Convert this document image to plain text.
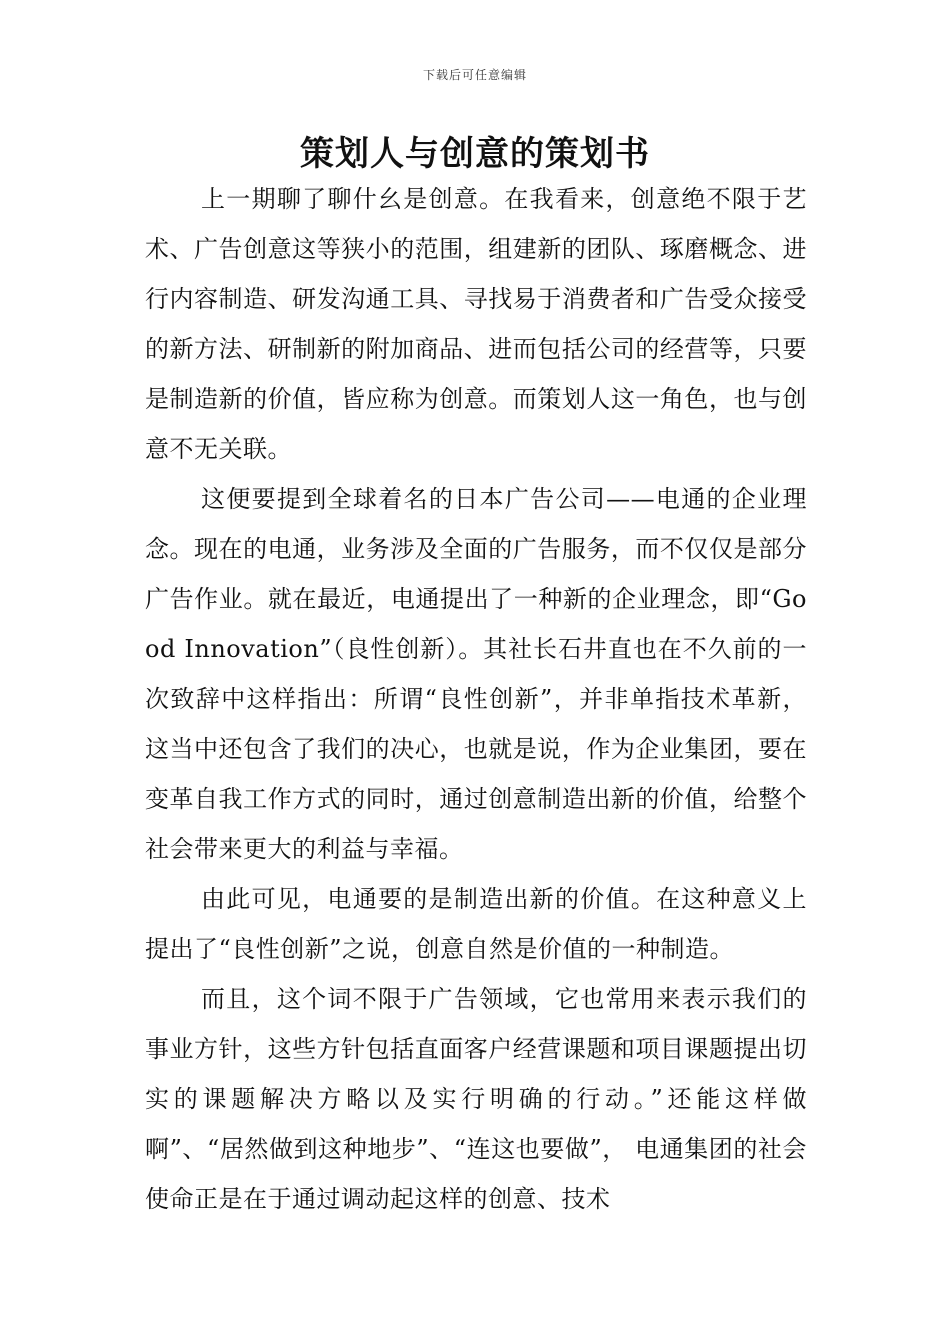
下载后可任意编辑
策划人与创意的策划书

上一期聊了聊什幺是创意。在我看来，创意绝不限于艺术、广告创意这等狭小的范围，组建新的团队、琢磨概念、进行内容制造、研发沟通工具、寻找易于消费者和广告受众接受的新方法、研制新的附加商品、进而包括公司的经营等，只要是制造新的价值，皆应称为创意。而策划人这一角色，也与创意不无关联。

这便要提到全球着名的日本广告公司——电通的企业理念。现在的电通，业务涉及全面的广告服务，而不仅仅是部分广告作业。就在最近，电通提出了一种新的企业理念，即“Good Innovation”（良性创新）。其社长石井直也在不久前的一次致辞中这样指出：所谓“良性创新”，并非单指技术革新，这当中还包含了我们的决心，也就是说，作为企业集团，要在变革自我工作方式的同时，通过创意制造出新的价值，给整个社会带来更大的利益与幸福。

由此可见，电通要的是制造出新的价值。在这种意义上提出了“良性创新”之说，创意自然是价值的一种制造。

而且，这个词不限于广告领域，它也常用来表示我们的事业方针，这些方针包括直面客户经营课题和项目课题提出切实的课题解决方略以及实行明确的行动。”还能这样做啊”、“居然做到这种地步”、“连这也要做”， 电通集团的社会使命正是在于通过调动起这样的创意、技术
